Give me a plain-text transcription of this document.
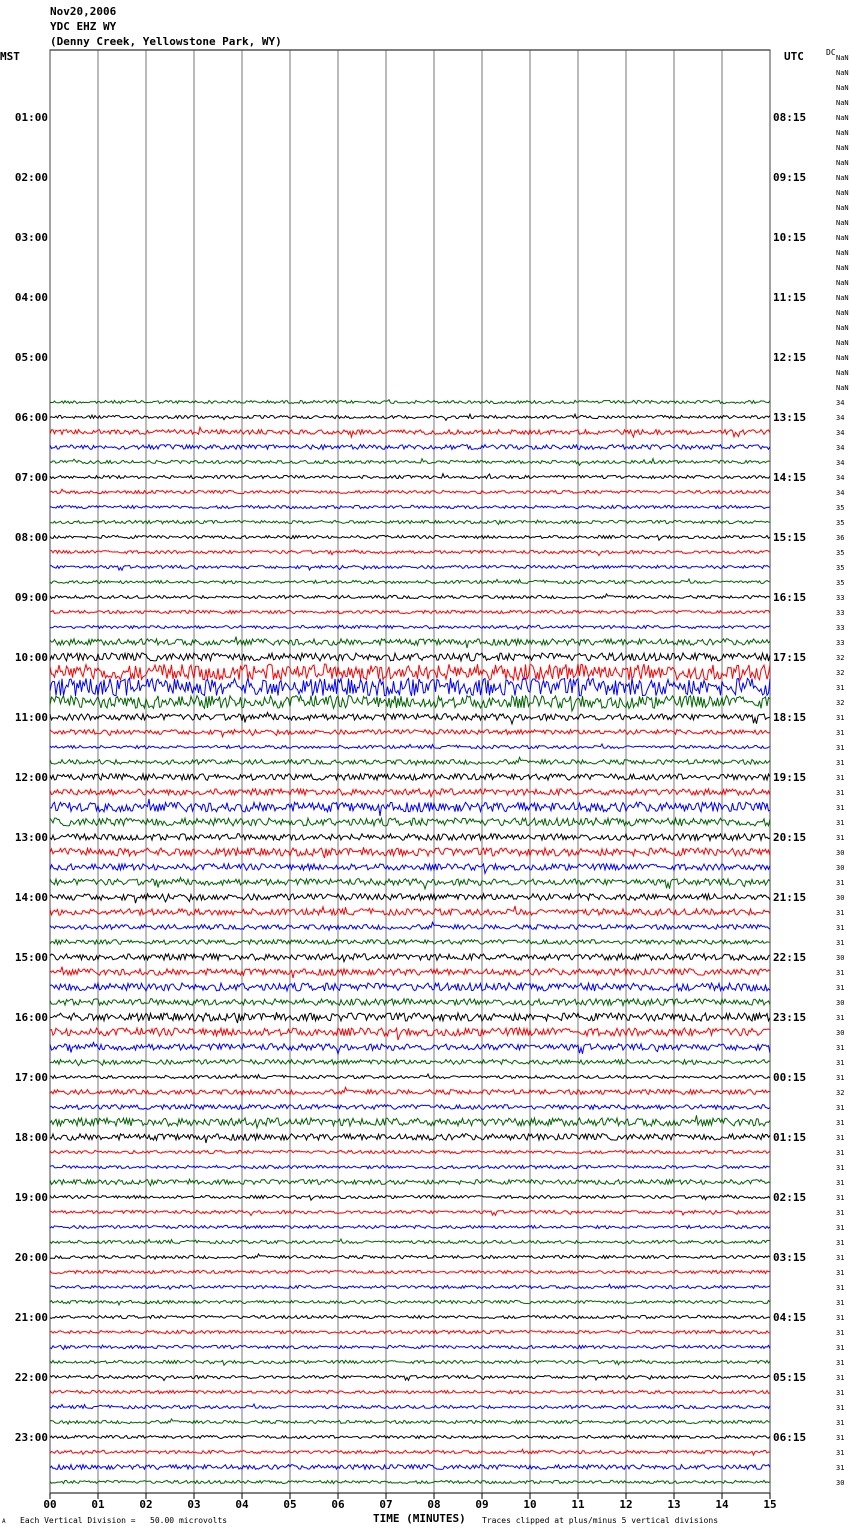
Nov20,2006
YDC EHZ WY
(Denny Creek, Yellowstone Park, WY)
MST	UTC	DC
00	01	02	03	04	05	06	07	08	09	10	11	12	13	14	15
01:00	08:15
02:00	09:15
03:00	10:15
04:00	11:15
05:00	12:15
06:00	13:15
07:00	14:15
08:00	15:15
09:00	16:15
10:00	17:15
11:00	18:15
12:00	19:15
13:00	20:15
14:00	21:15
15:00	22:15
16:00	23:15
17:00	00:15
18:00	01:15
19:00	02:15
20:00	03:15
21:00	04:15
22:00	05:15
23:00	06:15
NaN
NaN
NaN
NaN
NaN
NaN
NaN
NaN
NaN
NaN
NaN
NaN
NaN
NaN
NaN
NaN
NaN
NaN
NaN
NaN
NaN
NaN
NaN
34
34
34
34
34
34
34
35
35
36
35
35
35
33
33
33
33
32
32
31
32
31
31
31
31
31
31
31
31
31
30
30
31
30
31
31
31
30
31
31
30
31
30
31
31
31
32
31
31
31
31
31
31
31
31
31
31
31
31
31
31
31
31
31
31
31
31
31
31
31
31
31
30
TIME (MINUTES)
Each Vertical Division =   50.00 microvolts	Traces clipped at plus/minus 5 vertical divisions
A
